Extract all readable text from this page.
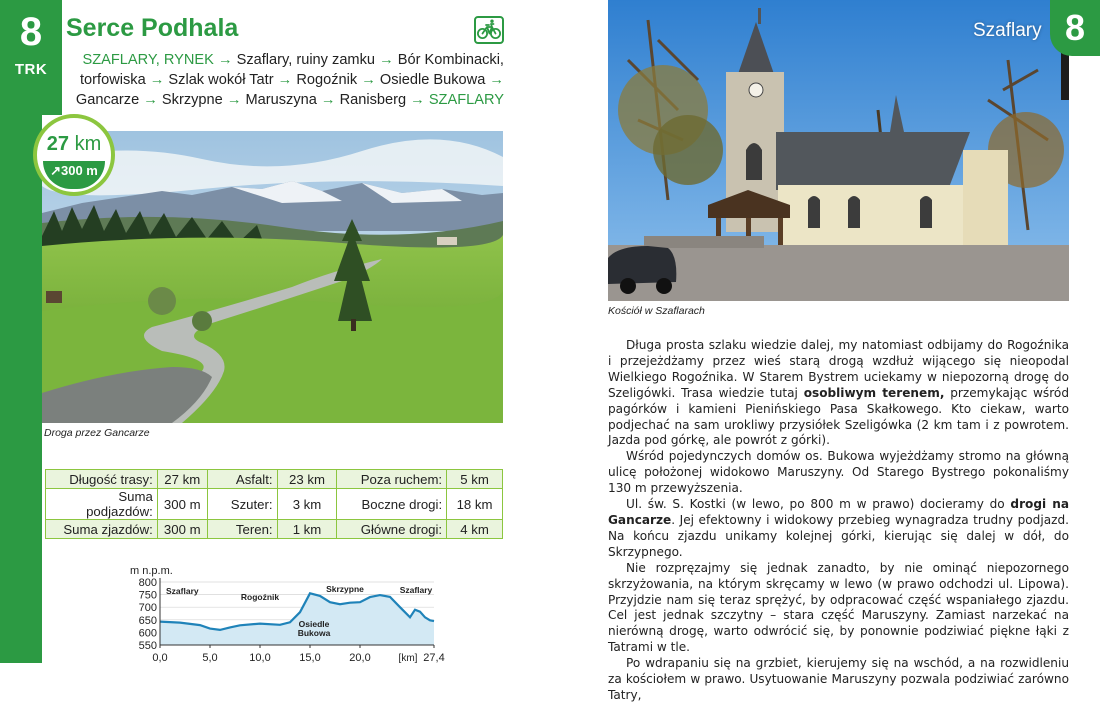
8
TRK
Serce Podhala
SZAFLARY, RYNEK → Szaflary, ruiny zamku → Bór Kombinacki, torfowiska → Szlak wokół Tatr → Rogoźnik → Osiedle Bukowa → Gancarze → Skrzypne → Maruszyna → Ranisberg → SZAFLARY
27 km
↗300 m
Droga przez Gancarze
Długość trasy:	27 km	Asfalt:	23 km	Poza ruchem:	5 km
Suma podjazdów:	300 m	Szuter:	3 km	Boczne drogi:	18 km
Suma zjazdów:	300 m	Teren:	1 km	Główne drogi:	4 km
m n.p.m.
800
750
700
650
600
550
0,0	5,0	10,0	15,0	20,0	27,4
[km]
Szaflary
Rogoźnik
Skrzypne	Szaflary
Osiedle
Bukowa
Szaflary 8
Kościół w Szaflarach

Długa prosta szlaku wiedzie dalej, my natomiast odbijamy do Rogoźnika i przejeżdżamy przez wieś starą drogą wzdłuż wijącego się nieopodal Wielkiego Rogoźnika. W Starem Bystrem uciekamy w niepozorną drogę do Szeligówki. Trasa wiedzie tutaj osobliwym terenem, przemykając wśród pagórków i kamieni Pienińskiego Pasa Skałkowego. Kto ciekaw, warto podjechać na sam urokliwy przysiółek Szeligówka (2 km tam i z powrotem. Jazda pod górkę, ale powrót z górki).

Wśród pojedynczych domów os. Bukowa wyjeżdżamy stromo na główną ulicę położonej widokowo Maruszyny. Od Starego Bystrego pokonaliśmy 130 m przewyższenia.

Ul. św. S. Kostki (w lewo, po 800 m w prawo) docieramy do drogi na Gancarze. Jej efektowny i widokowy przebieg wynagradza trudny podjazd. Na końcu zjazdu unikamy kolejnej górki, kierując się dalej w dół, do Skrzypnego.

Nie rozpręzajmy się jednak zanadto, by nie ominąć niepozornego skrzyżowania, na którym skręcamy w lewo (w prawo odchodzi ul. Lipowa). Przyjdzie nam się teraz sprężyć, by odpracować część wspaniałego zjazdu. Cel jest jednak szczytny – stara część Maruszyny. Zamiast narzekać na nierówną drogę, warto odwrócić się, by ponownie podziwiać piękne łąki z Tatrami w tle.

Po wdrapaniu się na grzbiet, kierujemy się na wschód, a na rozwidleniu za kościołem w prawo. Usytuowanie Maruszyny pozwala podziwiać zarówno Tatry,
